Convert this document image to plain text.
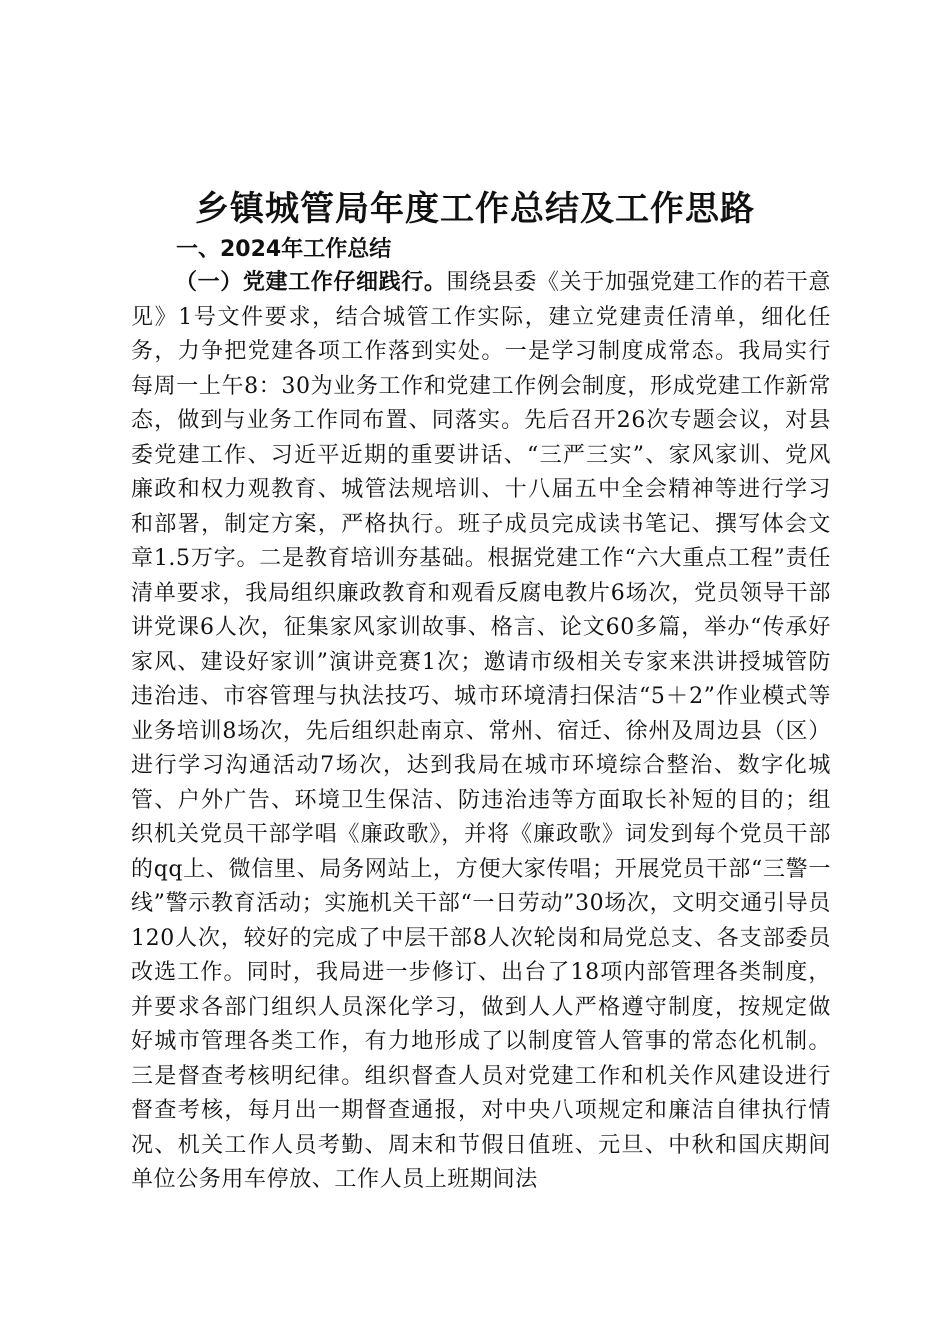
乡镇城管局年度工作总结及工作思路
一、2024年工作总结

（一）党建工作仔细践行。围绕县委《关于加强党建工作的若干意见》1号文件要求，结合城管工作实际，建立党建责任清单，细化任务，力争把党建各项工作落到实处。一是学习制度成常态。我局实行每周一上午8：30为业务工作和党建工作例会制度，形成党建工作新常态，做到与业务工作同布置、同落实。先后召开26次专题会议，对县委党建工作、习近平近期的重要讲话、“三严三实”、家风家训、党风廉政和权力观教育、城管法规培训、十八届五中全会精神等进行学习和部署，制定方案，严格执行。班子成员完成读书笔记、撰写体会文章1.5万字。二是教育培训夯基础。根据党建工作“六大重点工程”责任清单要求，我局组织廉政教育和观看反腐电教片6场次，党员领导干部讲党课6人次，征集家风家训故事、格言、论文60多篇，举办“传承好家风、建设好家训”演讲竞赛1次；邀请市级相关专家来洪讲授城管防违治违、市容管理与执法技巧、城市环境清扫保洁“5＋2”作业模式等业务培训8场次，先后组织赴南京、常州、宿迁、徐州及周边县（区）进行学习沟通活动7场次，达到我局在城市环境综合整治、数字化城管、户外广告、环境卫生保洁、防违治违等方面取长补短的目的；组织机关党员干部学唱《廉政歌》，并将《廉政歌》词发到每个党员干部的qq上、微信里、局务网站上，方便大家传唱；开展党员干部“三警一线”警示教育活动；实施机关干部“一日劳动”30场次，文明交通引导员120人次，较好的完成了中层干部8人次轮岗和局党总支、各支部委员改选工作。同时，我局进一步修订、出台了18项内部管理各类制度，并要求各部门组织人员深化学习，做到人人严格遵守制度，按规定做好城市管理各类工作，有力地形成了以制度管人管事的常态化机制。三是督查考核明纪律。组织督查人员对党建工作和机关作风建设进行督查考核，每月出一期督查通报，对中央八项规定和廉洁自律执行情况、机关工作人员考勤、周末和节假日值班、元旦、中秋和国庆期间单位公务用车停放、工作人员上班期间法
